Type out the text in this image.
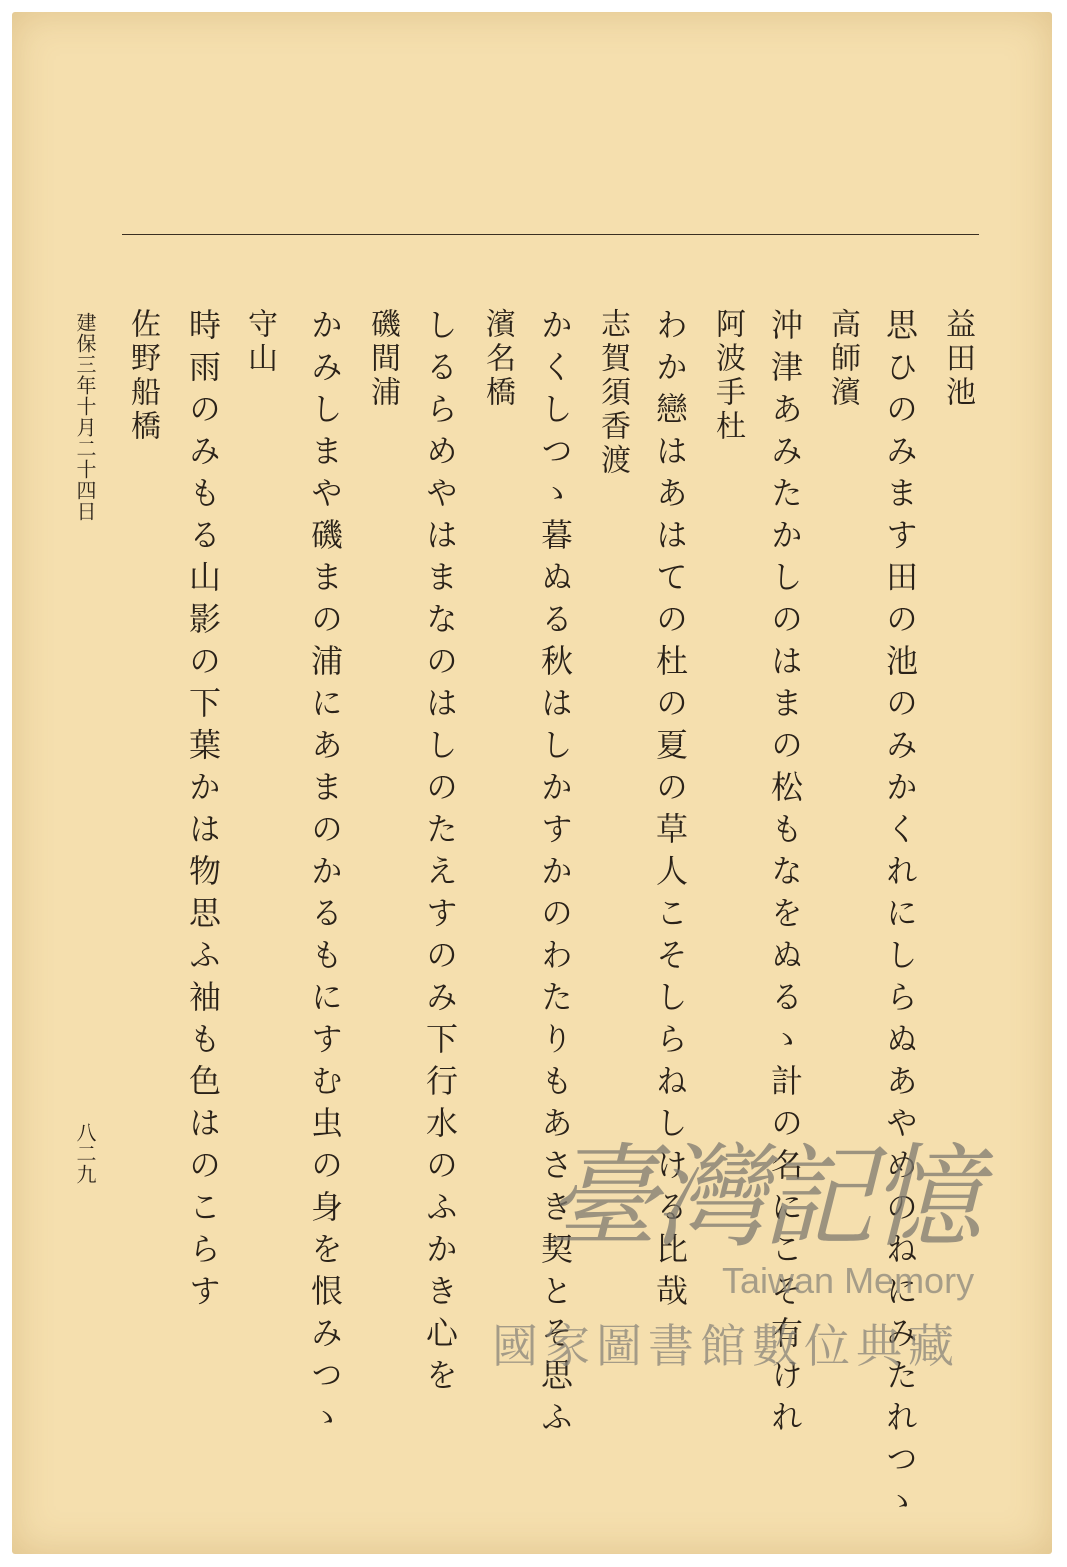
益田池
思ひのみます田の池のみかくれにしらぬあやめのねにみたれつゝ
高師濱
沖津あみたかしのはまの松もなをぬるゝ計の名にこそ有けれ
阿波手杜
わか戀はあはての杜の夏の草人こそしらねしける比哉
志賀須香渡
かくしつゝ暮ぬる秋はしかすかのわたりもあさき契とそ思ふ
濱名橋
しるらめやはまなのはしのたえすのみ下行水のふかき心を
磯間浦
かみしまや磯まの浦にあまのかるもにすむ虫の身を恨みつゝ
守山
時雨のみもる山影の下葉かは物思ふ袖も色はのこらす
佐野船橋
建保三年十月二十四日
八二九	臺灣記憶
Taiwan Memory
國家圖書館數位典藏
